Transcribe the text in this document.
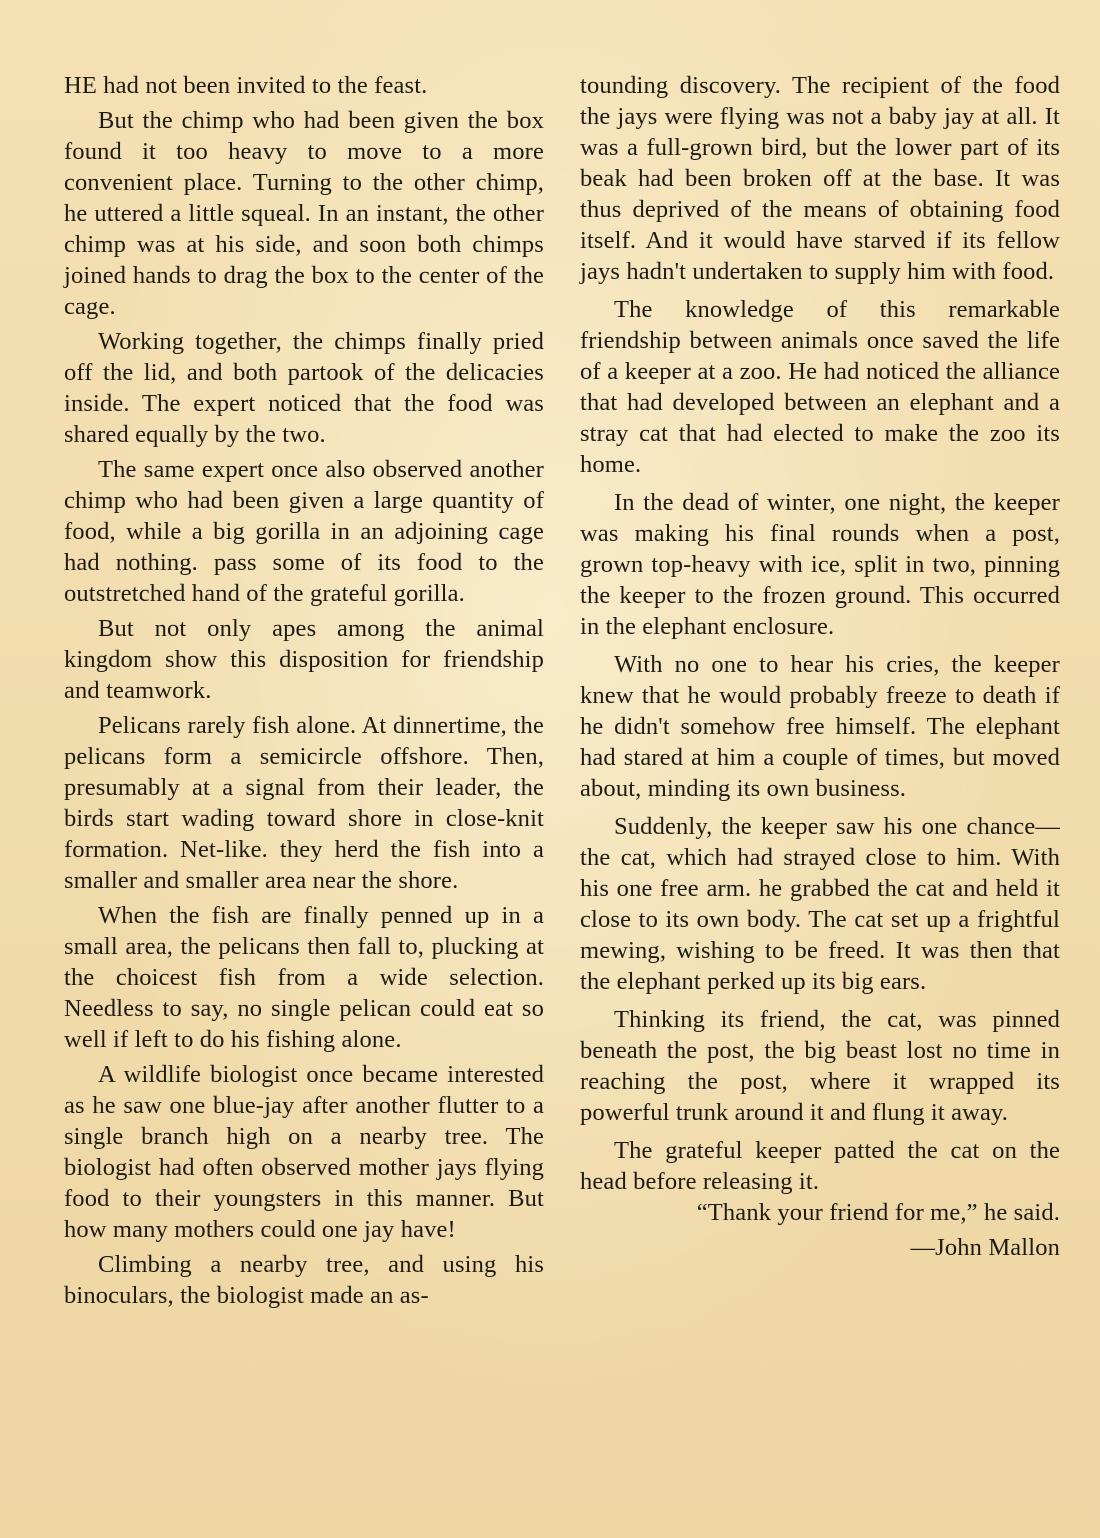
HE had not been invited to the feast.

But the chimp who had been given the box found it too heavy to move to a more convenient place. Turning to the other chimp, he uttered a little squeal. In an instant, the other chimp was at his side, and soon both chimps joined hands to drag the box to the center of the cage.

Working together, the chimps finally pried off the lid, and both partook of the delicacies inside. The expert noticed that the food was shared equally by the two.

The same expert once also observed another chimp who had been given a large quantity of food, while a big gorilla in an adjoining cage had nothing. pass some of its food to the outstretched hand of the grateful gorilla.

But not only apes among the animal kingdom show this disposition for friendship and teamwork.

Pelicans rarely fish alone. At dinnertime, the pelicans form a semicircle offshore. Then, presumably at a signal from their leader, the birds start wading toward shore in close-knit formation. Net-like. they herd the fish into a smaller and smaller area near the shore.

When the fish are finally penned up in a small area, the pelicans then fall to, plucking at the choicest fish from a wide selection. Needless to say, no single pelican could eat so well if left to do his fishing alone.

A wildlife biologist once became interested as he saw one blue-jay after another flutter to a single branch high on a nearby tree. The biologist had often observed mother jays flying food to their youngsters in this manner. But how many mothers could one jay have!

Climbing a nearby tree, and using his binoculars, the biologist made an as-

tounding discovery. The recipient of the food the jays were flying was not a baby jay at all. It was a full-grown bird, but the lower part of its beak had been broken off at the base. It was thus deprived of the means of obtaining food itself. And it would have starved if its fellow jays hadn't undertaken to supply him with food.

The knowledge of this remarkable friendship between animals once saved the life of a keeper at a zoo. He had noticed the alliance that had developed between an elephant and a stray cat that had elected to make the zoo its home.

In the dead of winter, one night, the keeper was making his final rounds when a post, grown top-heavy with ice, split in two, pinning the keeper to the frozen ground. This occurred in the elephant enclosure.

With no one to hear his cries, the keeper knew that he would probably freeze to death if he didn't somehow free himself. The elephant had stared at him a couple of times, but moved about, minding its own business.

Suddenly, the keeper saw his one chance—the cat, which had strayed close to him. With his one free arm. he grabbed the cat and held it close to its own body. The cat set up a frightful mewing, wishing to be freed. It was then that the elephant perked up its big ears.

Thinking its friend, the cat, was pinned beneath the post, the big beast lost no time in reaching the post, where it wrapped its powerful trunk around it and flung it away.

The grateful keeper patted the cat on the head before releasing it.

“Thank your friend for me,” he said.

—John Mallon
